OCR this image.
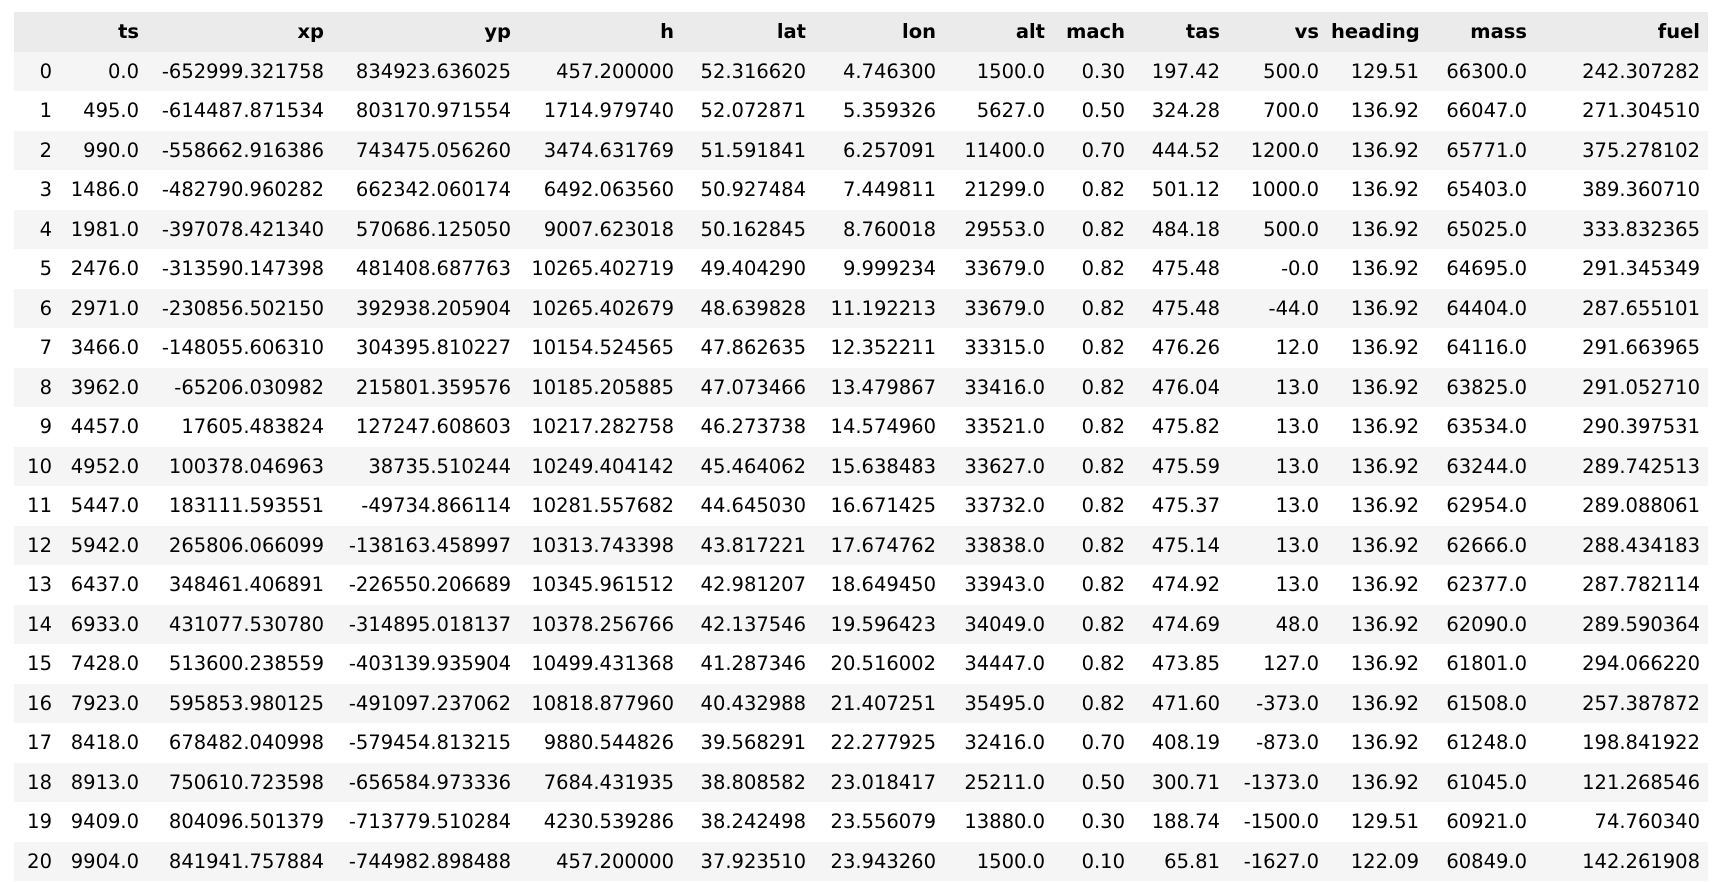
	ts	xp	yp	h	lat	lon	alt	mach	tas	vs	heading	mass	fuel
0	0.0	-652999.321758	834923.636025	457.200000	52.316620	4.746300	1500.0	0.30	197.42	500.0	129.51	66300.0	242.307282
1	495.0	-614487.871534	803170.971554	1714.979740	52.072871	5.359326	5627.0	0.50	324.28	700.0	136.92	66047.0	271.304510
2	990.0	-558662.916386	743475.056260	3474.631769	51.591841	6.257091	11400.0	0.70	444.52	1200.0	136.92	65771.0	375.278102
3	1486.0	-482790.960282	662342.060174	6492.063560	50.927484	7.449811	21299.0	0.82	501.12	1000.0	136.92	65403.0	389.360710
4	1981.0	-397078.421340	570686.125050	9007.623018	50.162845	8.760018	29553.0	0.82	484.18	500.0	136.92	65025.0	333.832365
5	2476.0	-313590.147398	481408.687763	10265.402719	49.404290	9.999234	33679.0	0.82	475.48	-0.0	136.92	64695.0	291.345349
6	2971.0	-230856.502150	392938.205904	10265.402679	48.639828	11.192213	33679.0	0.82	475.48	-44.0	136.92	64404.0	287.655101
7	3466.0	-148055.606310	304395.810227	10154.524565	47.862635	12.352211	33315.0	0.82	476.26	12.0	136.92	64116.0	291.663965
8	3962.0	-65206.030982	215801.359576	10185.205885	47.073466	13.479867	33416.0	0.82	476.04	13.0	136.92	63825.0	291.052710
9	4457.0	17605.483824	127247.608603	10217.282758	46.273738	14.574960	33521.0	0.82	475.82	13.0	136.92	63534.0	290.397531
10	4952.0	100378.046963	38735.510244	10249.404142	45.464062	15.638483	33627.0	0.82	475.59	13.0	136.92	63244.0	289.742513
11	5447.0	183111.593551	-49734.866114	10281.557682	44.645030	16.671425	33732.0	0.82	475.37	13.0	136.92	62954.0	289.088061
12	5942.0	265806.066099	-138163.458997	10313.743398	43.817221	17.674762	33838.0	0.82	475.14	13.0	136.92	62666.0	288.434183
13	6437.0	348461.406891	-226550.206689	10345.961512	42.981207	18.649450	33943.0	0.82	474.92	13.0	136.92	62377.0	287.782114
14	6933.0	431077.530780	-314895.018137	10378.256766	42.137546	19.596423	34049.0	0.82	474.69	48.0	136.92	62090.0	289.590364
15	7428.0	513600.238559	-403139.935904	10499.431368	41.287346	20.516002	34447.0	0.82	473.85	127.0	136.92	61801.0	294.066220
16	7923.0	595853.980125	-491097.237062	10818.877960	40.432988	21.407251	35495.0	0.82	471.60	-373.0	136.92	61508.0	257.387872
17	8418.0	678482.040998	-579454.813215	9880.544826	39.568291	22.277925	32416.0	0.70	408.19	-873.0	136.92	61248.0	198.841922
18	8913.0	750610.723598	-656584.973336	7684.431935	38.808582	23.018417	25211.0	0.50	300.71	-1373.0	136.92	61045.0	121.268546
19	9409.0	804096.501379	-713779.510284	4230.539286	38.242498	23.556079	13880.0	0.30	188.74	-1500.0	129.51	60921.0	74.760340
20	9904.0	841941.757884	-744982.898488	457.200000	37.923510	23.943260	1500.0	0.10	65.81	-1627.0	122.09	60849.0	142.261908
